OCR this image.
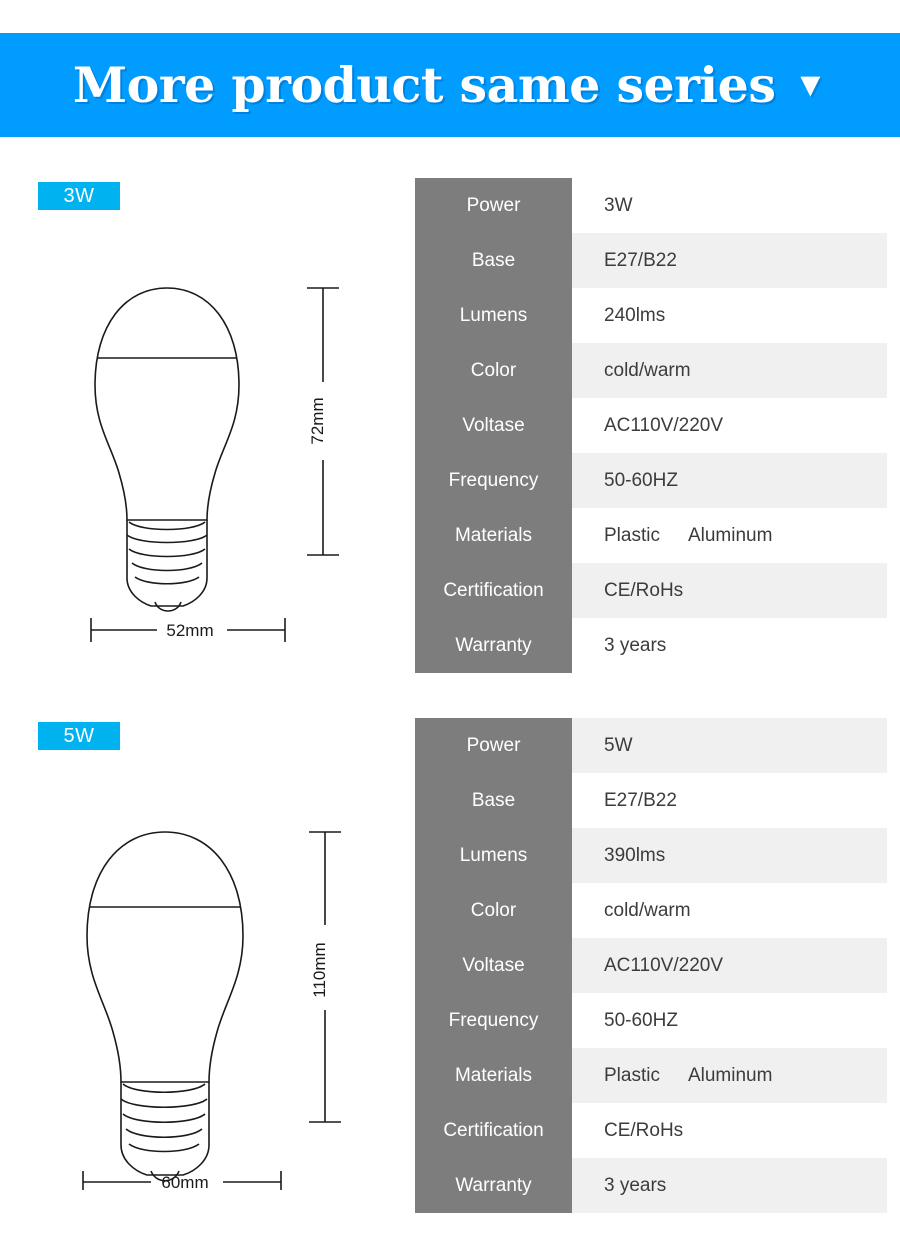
More product same series ▼
3W
72mm
52mm
Power	3W
Base	E27/B22
Lumens	240lms
Color	cold/warm
Voltase	AC110V/220V
Frequency	50-60HZ
Materials	Plastic Aluminum
Certification	CE/RoHs
Warranty	3 years
5W
110mm
60mm
Power	5W
Base	E27/B22
Lumens	390lms
Color	cold/warm
Voltase	AC110V/220V
Frequency	50-60HZ
Materials	Plastic Aluminum
Certification	CE/RoHs
Warranty	3 years
